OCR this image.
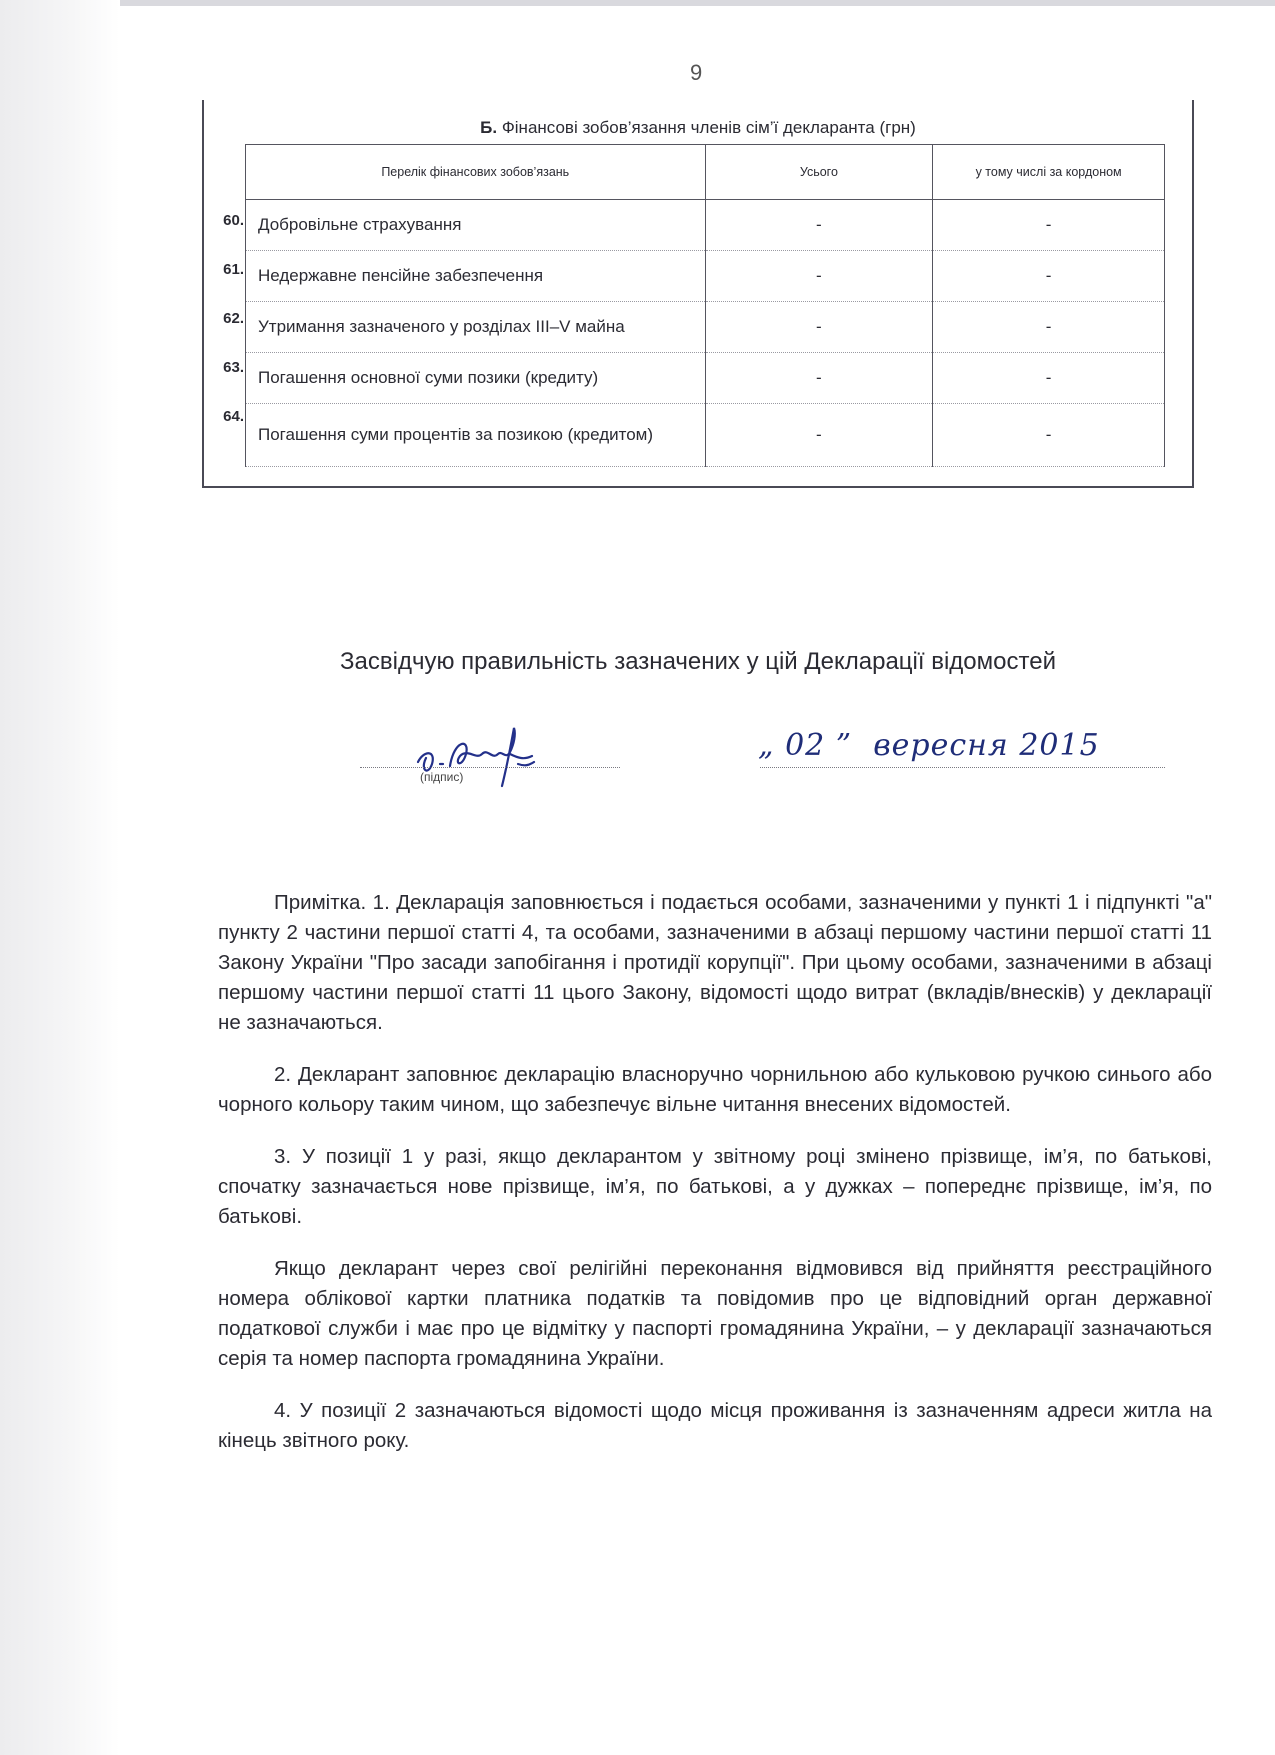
9
Б. Фінансові зобов’язання членів сім’ї декларанта (грн)
60.
61.
62.
63.
64.
Перелік фінансових зобов’язань	Усього	у тому числі за кордоном
Добровільне страхування	-	-
Недержавне пенсійне забезпечення	-	-
Утримання зазначеного у розділах III–V майна	-	-
Погашення основної суми позики (кредиту)	-	-
Погашення суми процентів за позикою (кредитом)	-	-
Засвідчую правильність зазначених у цій Декларації відомостей
(підпис)
„ 02 ”  вересня 2015

Примітка. 1. Декларація заповнюється і подається особами, зазначеними у пункті 1 і підпункті "а" пункту 2 частини першої статті 4, та особами, зазначеними в абзаці першому частини першої статті 11 Закону України "Про засади запобігання і протидії корупції". При цьому особами, зазначеними в абзаці першому частини першої статті 11 цього Закону, відомості щодо витрат (вкладів/внесків) у декларації не зазначаються.

2. Декларант заповнює декларацію власноручно чорнильною або кульковою ручкою синього або чорного кольору таким чином, що забезпечує вільне читання внесених відомостей.

3. У позиції 1 у разі, якщо декларантом у звітному році змінено прізвище, ім’я, по батькові, спочатку зазначається нове прізвище, ім’я, по батькові, а у дужках – попереднє прізвище, ім’я, по батькові.

Якщо декларант через свої релігійні переконання відмовився від прийняття реєстраційного номера облікової картки платника податків та повідомив про це відповідний орган державної податкової служби і має про це відмітку у паспорті громадянина України, – у декларації зазначаються серія та номер паспорта громадянина України.

4. У позиції 2 зазначаються відомості щодо місця проживання із зазначенням адреси житла на кінець звітного року.
